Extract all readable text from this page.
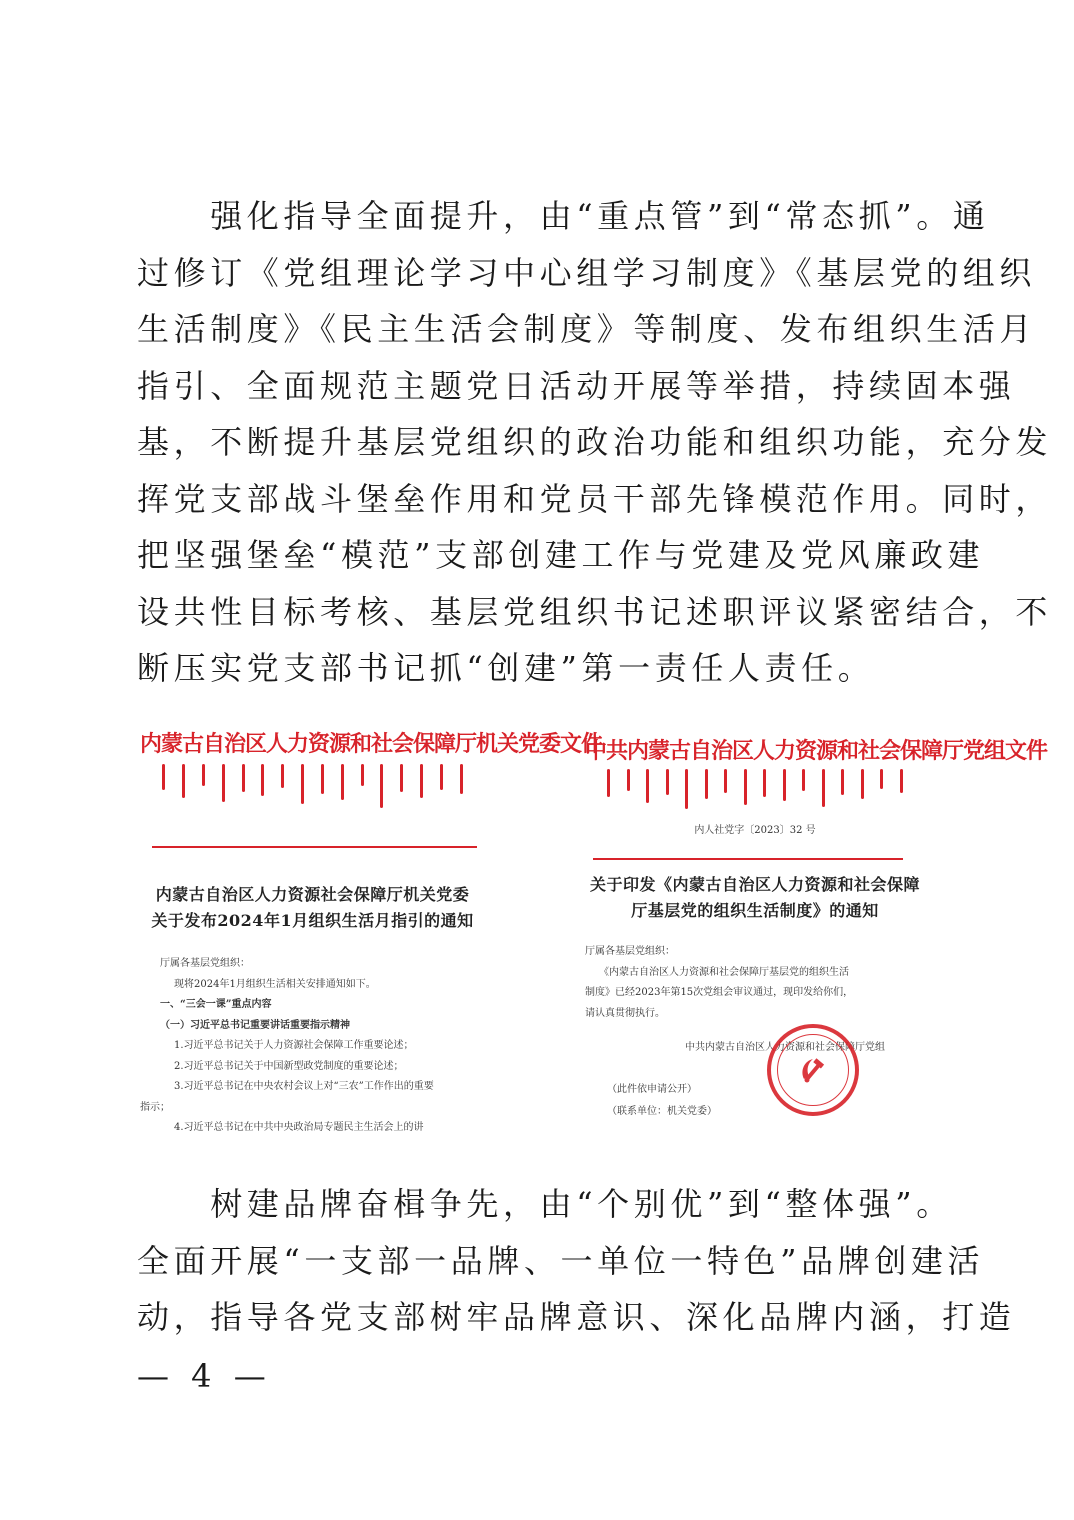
　　强化指导全面提升，由“重点管”到“常态抓”。通
过修订《党组理论学习中心组学习制度》《基层党的组织
生活制度》《民主生活会制度》等制度、发布组织生活月
指引、全面规范主题党日活动开展等举措，持续固本强
基，不断提升基层党组织的政治功能和组织功能，充分发
挥党支部战斗堡垒作用和党员干部先锋模范作用。同时，
把坚强堡垒“模范”支部创建工作与党建及党风廉政建
设共性目标考核、基层党组织书记述职评议紧密结合，不
断压实党支部书记抓“创建”第一责任人责任。
内蒙古自治区人力资源和社会保障厅机关党委文件
内蒙古自治区人力资源社会保障厅机关党委
关于发布2024年1月组织生活月指引的通知
厅属各基层党组织：
现将2024年1月组织生活相关安排通知如下。
一、“三会一课”重点内容
（一）习近平总书记重要讲话重要指示精神
1.习近平总书记关于人力资源社会保障工作重要论述；
2.习近平总书记关于中国新型政党制度的重要论述；
3.习近平总书记在中央农村会议上对“三农”工作作出的重要
指示；
4.习近平总书记在中共中央政治局专题民主生活会上的讲
中共内蒙古自治区人力资源和社会保障厅党组文件
内人社党字〔2023〕32 号
关于印发《内蒙古自治区人力资源和社会保障
厅基层党的组织生活制度》的通知
厅属各基层党组织：
《内蒙古自治区人力资源和社会保障厅基层党的组织生活
制度》已经2023年第15次党组会审议通过，现印发给你们，
请认真贯彻执行。
中共内蒙古自治区人力资源和社会保障厅党组
（此件依申请公开）
（联系单位：机关党委）
　　树建品牌奋楫争先，由“个别优”到“整体强”。
全面开展“一支部一品牌、一单位一特色”品牌创建活
动，指导各党支部树牢品牌意识、深化品牌内涵，打造
— 4 —
